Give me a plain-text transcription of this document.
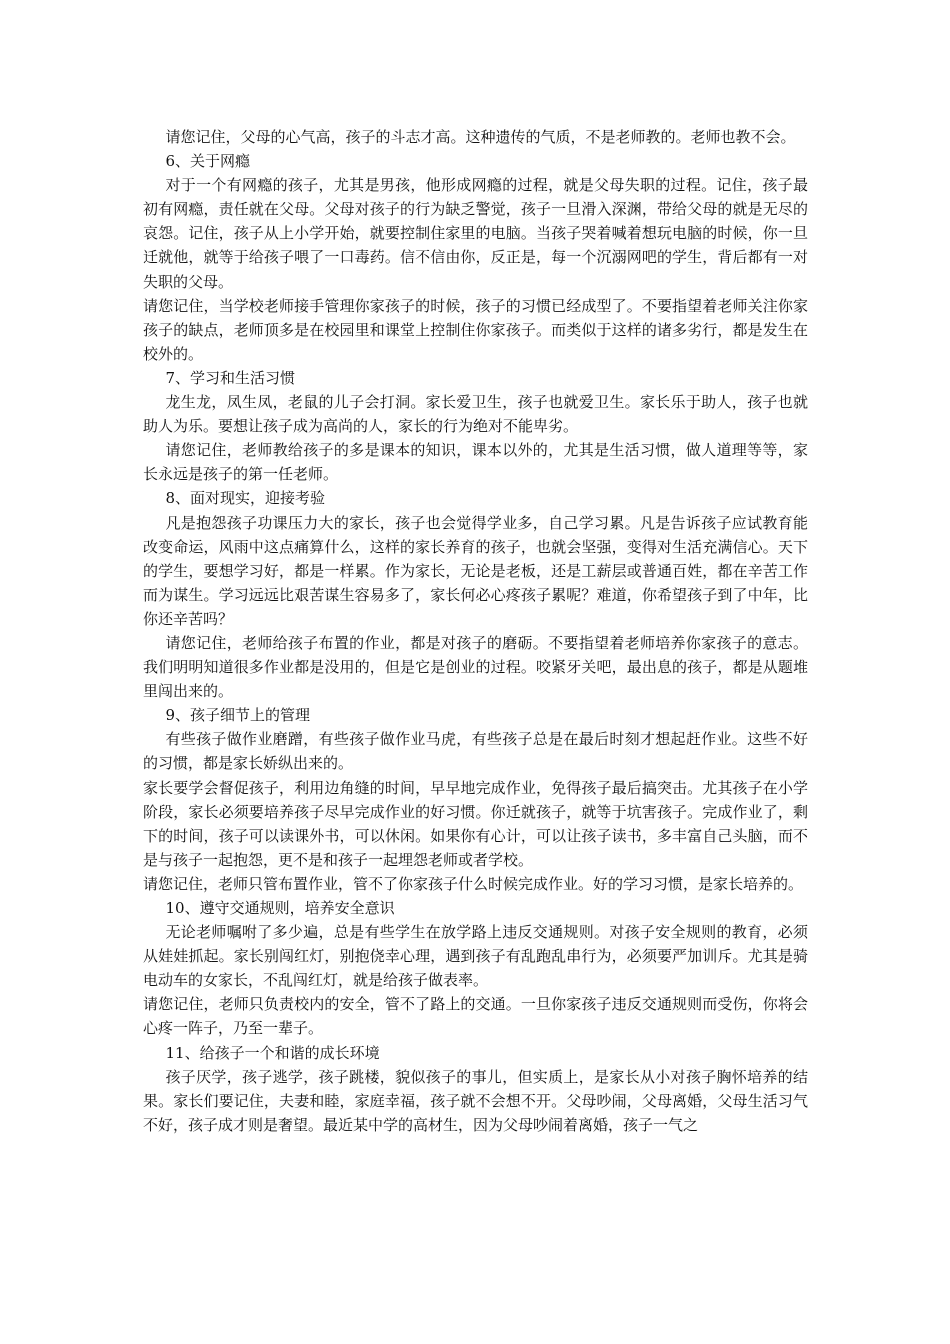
请您记住，父母的心气高，孩子的斗志才高。这种遗传的气质，不是老师教的。老师也教不会。

6、关于网瘾

对于一个有网瘾的孩子，尤其是男孩，他形成网瘾的过程，就是父母失职的过程。记住，孩子最初有网瘾，责任就在父母。父母对孩子的行为缺乏警觉，孩子一旦滑入深渊，带给父母的就是无尽的哀怨。记住，孩子从上小学开始，就要控制住家里的电脑。当孩子哭着喊着想玩电脑的时候，你一旦迁就他，就等于给孩子喂了一口毒药。信不信由你，反正是，每一个沉溺网吧的学生，背后都有一对失职的父母。

请您记住，当学校老师接手管理你家孩子的时候，孩子的习惯已经成型了。不要指望着老师关注你家孩子的缺点，老师顶多是在校园里和课堂上控制住你家孩子。而类似于这样的诸多劣行，都是发生在校外的。

7、学习和生活习惯

龙生龙，凤生凤，老鼠的儿子会打洞。家长爱卫生，孩子也就爱卫生。家长乐于助人，孩子也就助人为乐。要想让孩子成为高尚的人，家长的行为绝对不能卑劣。

请您记住，老师教给孩子的多是课本的知识，课本以外的，尤其是生活习惯，做人道理等等，家长永远是孩子的第一任老师。

8、面对现实，迎接考验

凡是抱怨孩子功课压力大的家长，孩子也会觉得学业多，自己学习累。凡是告诉孩子应试教育能改变命运，风雨中这点痛算什么，这样的家长养育的孩子，也就会坚强，变得对生活充满信心。天下的学生，要想学习好，都是一样累。作为家长，无论是老板，还是工薪层或普通百姓，都在辛苦工作而为谋生。学习远远比艰苦谋生容易多了，家长何必心疼孩子累呢？难道，你希望孩子到了中年，比你还辛苦吗？

请您记住，老师给孩子布置的作业，都是对孩子的磨砺。不要指望着老师培养你家孩子的意志。我们明明知道很多作业都是没用的，但是它是创业的过程。咬紧牙关吧，最出息的孩子，都是从题堆里闯出来的。

9、孩子细节上的管理

有些孩子做作业磨蹭，有些孩子做作业马虎，有些孩子总是在最后时刻才想起赶作业。这些不好的习惯，都是家长娇纵出来的。

家长要学会督促孩子，利用边角缝的时间，早早地完成作业，免得孩子最后搞突击。尤其孩子在小学阶段，家长必须要培养孩子尽早完成作业的好习惯。你迁就孩子，就等于坑害孩子。完成作业了，剩下的时间，孩子可以读课外书，可以休闲。如果你有心计，可以让孩子读书，多丰富自己头脑，而不是与孩子一起抱怨，更不是和孩子一起埋怨老师或者学校。

请您记住，老师只管布置作业，管不了你家孩子什么时候完成作业。好的学习习惯，是家长培养的。

10、遵守交通规则，培养安全意识

无论老师嘱咐了多少遍，总是有些学生在放学路上违反交通规则。对孩子安全规则的教育，必须从娃娃抓起。家长别闯红灯，别抱侥幸心理，遇到孩子有乱跑乱串行为，必须要严加训斥。尤其是骑电动车的女家长，不乱闯红灯，就是给孩子做表率。

请您记住，老师只负责校内的安全，管不了路上的交通。一旦你家孩子违反交通规则而受伤，你将会心疼一阵子，乃至一辈子。

11、给孩子一个和谐的成长环境

孩子厌学，孩子逃学，孩子跳楼，貌似孩子的事儿，但实质上，是家长从小对孩子胸怀培养的结果。家长们要记住，夫妻和睦，家庭幸福，孩子就不会想不开。父母吵闹，父母离婚，父母生活习气不好，孩子成才则是奢望。最近某中学的高材生，因为父母吵闹着离婚，孩子一气之
